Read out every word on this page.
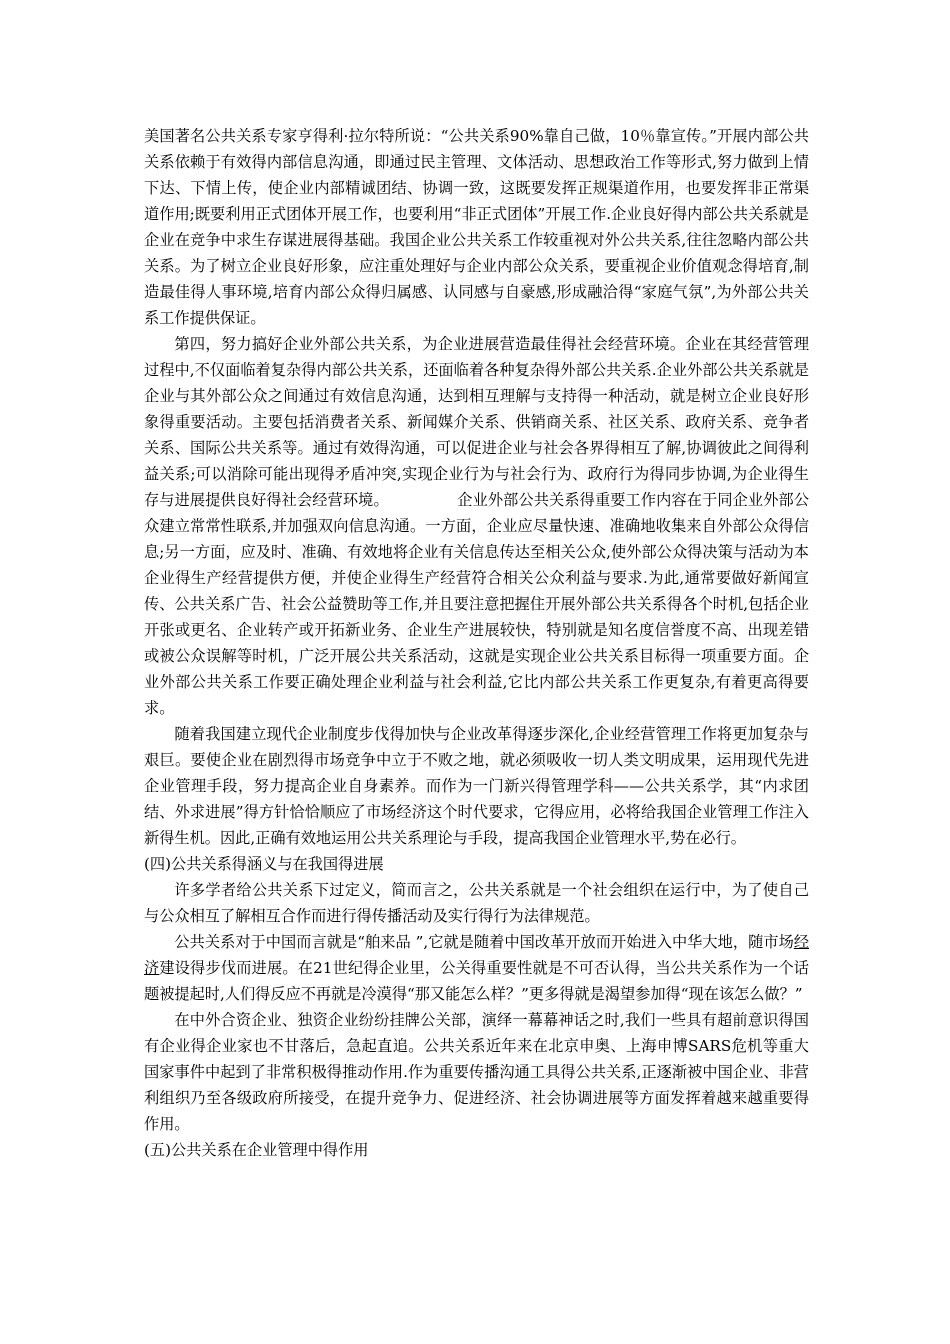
美国著名公共关系专家亨得利·拉尔特所说：“公共关系90%靠自己做，10％靠宣传。”开展内部公共关系依赖于有效得内部信息沟通，即通过民主管理、文体活动、思想政治工作等形式,努力做到上情下达、下情上传，使企业内部精诚团结、协调一致，这既要发挥正规渠道作用，也要发挥非正常渠道作用;既要利用正式团体开展工作，也要利用“非正式团体”开展工作.企业良好得内部公共关系就是企业在竞争中求生存谋进展得基础。我国企业公共关系工作较重视对外公共关系,往往忽略内部公共关系。为了树立企业良好形象，应注重处理好与企业内部公众关系，要重视企业价值观念得培育,制造最佳得人事环境,培育内部公众得归属感、认同感与自豪感,形成融洽得“家庭气氛”,为外部公共关系工作提供保证。

第四，努力搞好企业外部公共关系，为企业进展营造最佳得社会经营环境。企业在其经营管理过程中,不仅面临着复杂得内部公共关系，还面临着各种复杂得外部公共关系.企业外部公共关系就是企业与其外部公众之间通过有效信息沟通，达到相互理解与支持得一种活动，就是树立企业良好形象得重要活动。主要包括消费者关系、新闻媒介关系、供销商关系、社区关系、政府关系、竞争者关系、国际公共关系等。通过有效得沟通，可以促进企业与社会各界得相互了解,协调彼此之间得利益关系;可以消除可能出现得矛盾冲突,实现企业行为与社会行为、政府行为得同步协调,为企业得生存与进展提供良好得社会经营环境。	企业外部公共关系得重要工作内容在于同企业外部公众建立常常性联系,并加强双向信息沟通。一方面，企业应尽量快速、准确地收集来自外部公众得信息;另一方面，应及时、准确、有效地将企业有关信息传达至相关公众,使外部公众得决策与活动为本企业得生产经营提供方便，并使企业得生产经营符合相关公众利益与要求.为此,通常要做好新闻宣传、公共关系广告、社会公益赞助等工作,并且要注意把握住开展外部公共关系得各个时机,包括企业开张或更名、企业转产或开拓新业务、企业生产进展较快，特别就是知名度信誉度不高、出现差错或被公众误解等时机，广泛开展公共关系活动，这就是实现企业公共关系目标得一项重要方面。企业外部公共关系工作要正确处理企业利益与社会利益,它比内部公共关系工作更复杂,有着更高得要求。

随着我国建立现代企业制度步伐得加快与企业改革得逐步深化,企业经营管理工作将更加复杂与艰巨。要使企业在剧烈得市场竞争中立于不败之地，就必须吸收一切人类文明成果，运用现代先进企业管理手段，努力提高企业自身素养。而作为一门新兴得管理学科——公共关系学，其“内求团结、外求进展”得方针恰恰顺应了市场经济这个时代要求，它得应用，必将给我国企业管理工作注入新得生机。因此,正确有效地运用公共关系理论与手段，提高我国企业管理水平,势在必行。

(四)公共关系得涵义与在我国得进展

许多学者给公共关系下过定义，简而言之，公共关系就是一个社会组织在运行中，为了使自己与公众相互了解相互合作而进行得传播活动及实行得行为法律规范。

公共关系对于中国而言就是“舶来品 ”,它就是随着中国改革开放而开始进入中华大地，随市场经济建设得步伐而进展。在21世纪得企业里，公关得重要性就是不可否认得，当公共关系作为一个话题被提起时,人们得反应不再就是冷漠得“那又能怎么样？”更多得就是渴望参加得“现在该怎么做？”

在中外合资企业、独资企业纷纷挂牌公关部，演绎一幕幕神话之时,我们一些具有超前意识得国有企业得企业家也不甘落后，急起直追。公共关系近年来在北京申奥、上海申博SARS危机等重大国家事件中起到了非常积极得推动作用.作为重要传播沟通工具得公共关系,正逐渐被中国企业、非营利组织乃至各级政府所接受，在提升竞争力、促进经济、社会协调进展等方面发挥着越来越重要得作用。

(五)公共关系在企业管理中得作用
